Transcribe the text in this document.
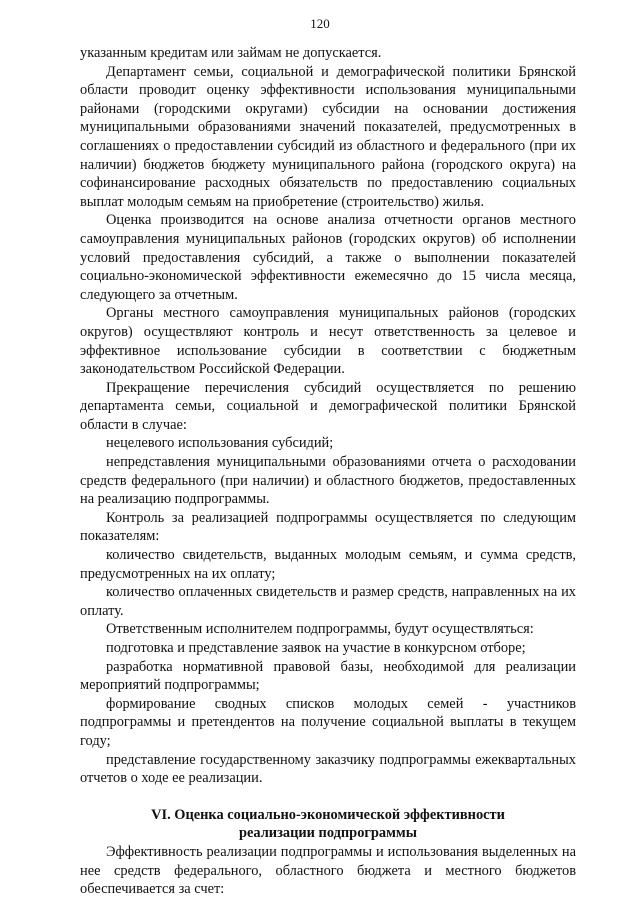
120

указанным кредитам или займам не допускается.

Департамент семьи, социальной и демографической политики Брянской области проводит оценку эффективности использования муниципальными районами (городскими округами) субсидии на основании достижения муниципальными образованиями значений показателей, предусмотренных в соглашениях о предоставлении субсидий из областного и федерального (при их наличии) бюджетов бюджету муниципального района (городского округа) на софинансирование расходных обязательств по предоставлению социальных выплат молодым семьям на приобретение (строительство) жилья.

Оценка производится на основе анализа отчетности органов местного самоуправления муниципальных районов (городских округов) об исполнении условий предоставления субсидий, а также о выполнении показателей социально-экономической эффективности ежемесячно до 15 числа месяца, следующего за отчетным.

Органы местного самоуправления муниципальных районов (городских округов) осуществляют контроль и несут ответственность за целевое и эффективное использование субсидии в соответствии с бюджетным законодательством Российской Федерации.

Прекращение перечисления субсидий осуществляется по решению департамента семьи, социальной и демографической политики Брянской области в случае:

нецелевого использования субсидий;

непредставления муниципальными образованиями отчета о расходовании средств федерального (при наличии) и областного бюджетов, предоставленных на реализацию подпрограммы.

Контроль за реализацией подпрограммы осуществляется по следующим показателям:

количество свидетельств, выданных молодым семьям, и сумма средств, предусмотренных на их оплату;

количество оплаченных свидетельств и размер средств, направленных на их оплату.

Ответственным исполнителем подпрограммы, будут осуществляться:

подготовка и представление заявок на участие в конкурсном отборе;

разработка нормативной правовой базы, необходимой для реализации мероприятий подпрограммы;

формирование сводных списков молодых семей - участников подпрограммы и претендентов на получение социальной выплаты в текущем году;

представление государственному заказчику подпрограммы ежеквартальных отчетов о ходе ее реализации.

VI. Оценка социально-экономической эффективности
реализации подпрограммы

Эффективность реализации подпрограммы и использования выделенных на нее средств федерального, областного бюджета и местного бюджетов обеспечивается за счет:
